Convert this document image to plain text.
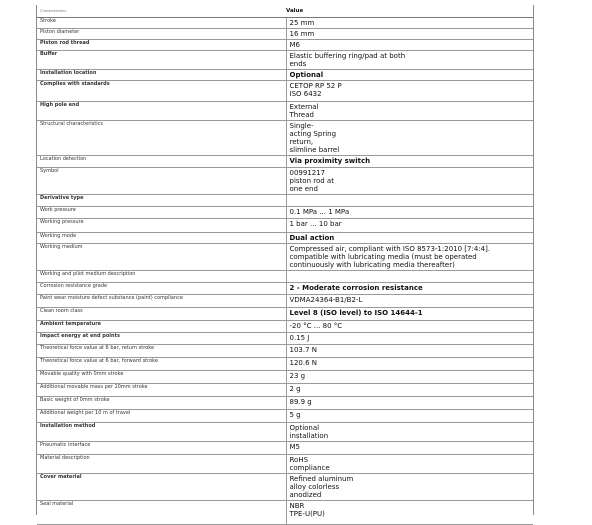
Characteristics	Value
Stroke	25 mm

Piston diameter	16 mm

Piston rod thread	M6

Buffer	Elastic buffering ring/pad at both
ends

Installation location	Optional

Complies with standards	CETOP RP 52 P
ISO 6432

High pole end	External
Thread

Structural characteristics	Single-
acting Spring
return,
slimline barrel

Location detection	Via proximity switch

Symbol	00991217
piston rod at
one end

Derivative type	
Work pressure	0.1 MPa ... 1 MPa

Working pressure	1 bar ... 10 bar

Working mode	Dual action

Working medium	Compressed air, compliant with ISO 8573-1:2010 [7:4:4].
compatible with lubricating media (must be operated
continuously with lubricating media thereafter)

Working and pilot medium description	
Corrosion resistance grade	2 - Moderate corrosion resistance

Paint wear moisture defect substance (paint) compliance	VDMA24364-B1/B2-L

Clean room class	Level 8 (ISO level) to ISO 14644-1

Ambient temperature	-20 °C ... 80 °C

Impact energy at end points	0.15 J

Theoretical force value at 6 bar, return stroke	103.7 N

Theoretical force value at 6 bar, forward stroke	120.6 N

Movable quality with 0mm stroke	23 g

Additional movable mass per 10mm stroke	2 g

Basic weight of 0mm stroke	89.9 g

Additional weight per 10 m of travel	5 g

Installation method	Optional
installation

Pneumatic interface	M5

Material description	RoHS
compliance

Cover material	Refined aluminum
alloy colorless
anodized

Seal material	NBR
TPE-U(PU)
